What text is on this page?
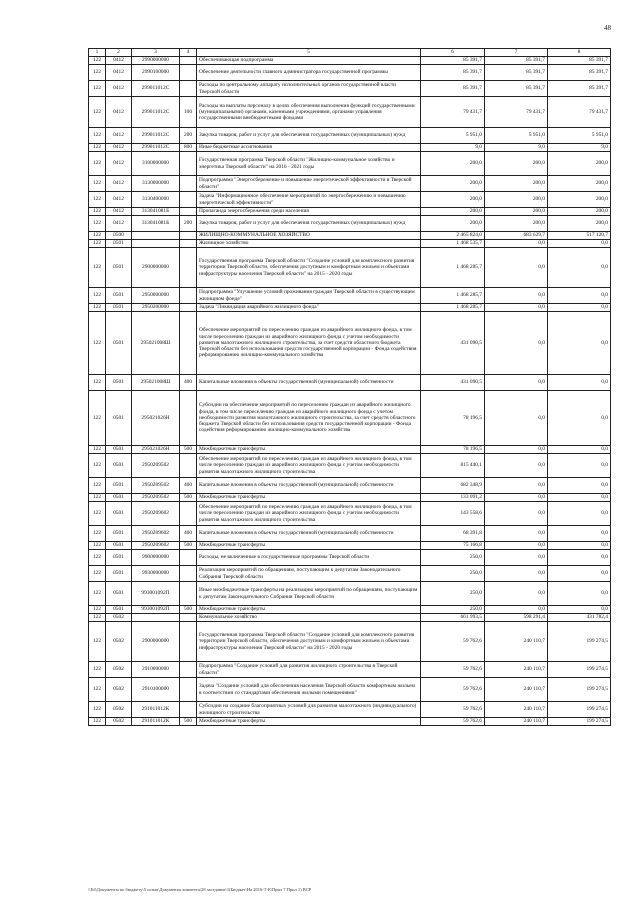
48
1	2	3	4	5	6	7	8
122	0412	2990000000		Обеспечивающая подпрограмма	85 391,7	85 391,7	85 391,7
122	0412	2990100000		Обеспечение деятельности главного администратора государственной программы	85 391,7	85 391,7	85 391,7
122	0412	299011012С		Расходы по центральному аппарату исполнительных органов государственной власти Тверской области	85 391,7	85 391,7	85 391,7
122	0412	299011012С	100	Расходы на выплаты персоналу в целях обеспечения выполнения функций государственными (муниципальными) органами, казенными учреждениями, органами управления государственными внебюджетными фондами	79 431,7	79 431,7	79 431,7
122	0412	299011012С	200	Закупка товаров, работ и услуг для обеспечения государственных (муниципальных) нужд	5 951,0	5 951,0	5 951,0
122	0412	299011012С	800	Иные бюджетные ассигнования	9,0	9,0	9,0
122	0412	3100000000		Государственная программа Тверской области "Жилищно-коммунальное хозяйство и энергетика Тверской области" на 2016 - 2021 годы	200,0	200,0	200,0
122	0412	3130000000		Подпрограмма "Энергосбережение и повышение энергетической эффективности в Тверской области"	200,0	200,0	200,0
122	0412	3130400000		Задача "Информационное обеспечение мероприятий по энергосбережению и повышению энергетической эффективности"	200,0	200,0	200,0
122	0412	313041081Б		Пропаганда энергосбережения среди населения	200,0	200,0	200,0
122	0412	313041081Б	200	Закупка товаров, работ и услуг для обеспечения государственных (муниципальных) нужд	200,0	200,0	200,0
122	0500			ЖИЛИЩНО-КОММУНАЛЬНОЕ ХОЗЯЙСТВО	2 465 824,0	683 629,7	517 120,7
122	0501			Жилищное хозяйство	1 468 535,7	0,0	0,0
122	0501	2900000000		Государственная программа Тверской области "Создание условий для комплексного развития территории Тверской области, обеспечения доступным и комфортным жильем и объектами инфраструктуры населения Тверской области" на 2015 - 2020 годы	1 468 285,7	0,0	0,0
122	0501	2950000000		Подпрограмма "Улучшение условий проживания граждан Тверской области в существующем жилищном фонде"	1 468 285,7	0,0	0,0
122	0501	2950200000		Задача "Ликвидация аварийного жилищного фонда"	1 468 285,7	0,0	0,0
122	0501	295021008Ш		Обеспечение мероприятий по переселению граждан из аварийного жилищного фонда, в том числе переселению граждан из аварийного жилищного фонда с учетом необходимости развития малоэтажного жилищного строительства, за счет средств областного бюджета Тверской области без использования средств государственной корпорации - Фонда содействия реформированию жилищно-коммунального хозяйства	431 090,5	0,0	0,0
122	0501	295021008Ш	400	Капитальные вложения в объекты государственной (муниципальной) собственности	431 090,5	0,0	0,0
122	0501	295021026Н		Субсидии на обеспечение мероприятий по переселению граждан из аварийного жилищного фонда, в том числе переселению граждан из аварийного жилищного фонда с учетом необходимости развития малоэтажного жилищного строительства, за счет средств областного бюджета Тверской области без использования средств государственной корпорации - Фонда содействия реформированию жилищно-коммунального хозяйства	78 196,5	0,0	0,0
122	0501	295021026Н	500	Межбюджетные трансферты	78 196,5	0,0	0,0
122	0501	2950209502		Обеспечение мероприятий по переселению граждан из аварийного жилищного фонда, в том числе переселению граждан из аварийного жилищного фонда с учетом необходимости развития малоэтажного жилищного строительства	815 440,1	0,0	0,0
122	0501	2950209502	400	Капитальные вложения в объекты государственной (муниципальной) собственности	682 348,9	0,0	0,0
122	0501	2950209502	500	Межбюджетные трансферты	133 091,2	0,0	0,0
122	0501	2950209602		Обеспечение мероприятий по переселению граждан из аварийного жилищного фонда, в том числе переселению граждан из аварийного жилищного фонда с учетом необходимости развития малоэтажного жилищного строительства	143 558,6	0,0	0,0
122	0501	2950209602	400	Капитальные вложения в объекты государственной (муниципальной) собственности	68 391,8	0,0	0,0
122	0501	2950209602	500	Межбюджетные трансферты	75 166,8	0,0	0,0
122	0501	9900000000		Расходы, не включенные в государственные программы Тверской области	250,0	0,0	0,0
122	0501	9930000000		Реализация мероприятий по обращениям, поступающим к депутатам Законодательного Собрания Тверской области	250,0	0,0	0,0
122	0501	993001092П		Иные межбюджетные трансферты на реализацию мероприятий по обращениям, поступающим к депутатам Законодательного Собрания Тверской области	250,0	0,0	0,0
122	0501	993001092П	500	Межбюджетные трансферты	250,0	0,0	0,0
122	0502			Коммунальное хозяйство	661 993,5	598 291,4	431 782,4
122	0502	2900000000		Государственная программа Тверской области "Создание условий для комплексного развития территории Тверской области, обеспечения доступным и комфортным жильем и объектами инфраструктуры населения Тверской области" на 2015 - 2020 годы	59 762,6	240 110,7	199 274,5
122	0502	2910000000		Подпрограмма "Создание условий для развития жилищного строительства в Тверской области"	59 762,6	240 110,7	199 274,5
122	0502	2910100000		Задача "Создание условий для обеспечения населения Тверской области комфортным жильем в соответствии со стандартами обеспечения жилыми помещениями"	59 762,6	240 110,7	199 274,5
122	0502	291011012К		Субсидии на создание благоприятных условий для развития малоэтажного (индивидуального) жилищного строительства	59 762,6	240 110,7	199 274,5
122	0502	291011012К	500	Межбюджетные трансферты	59 762,6	240 110,7	199 274,5
\\Ed\Документы по бюджету\5 созыв\Документы комитета\28 заседание\1(Бюджет\На 2016-Т-Е\Прил 7 Прил 1) ВСР
